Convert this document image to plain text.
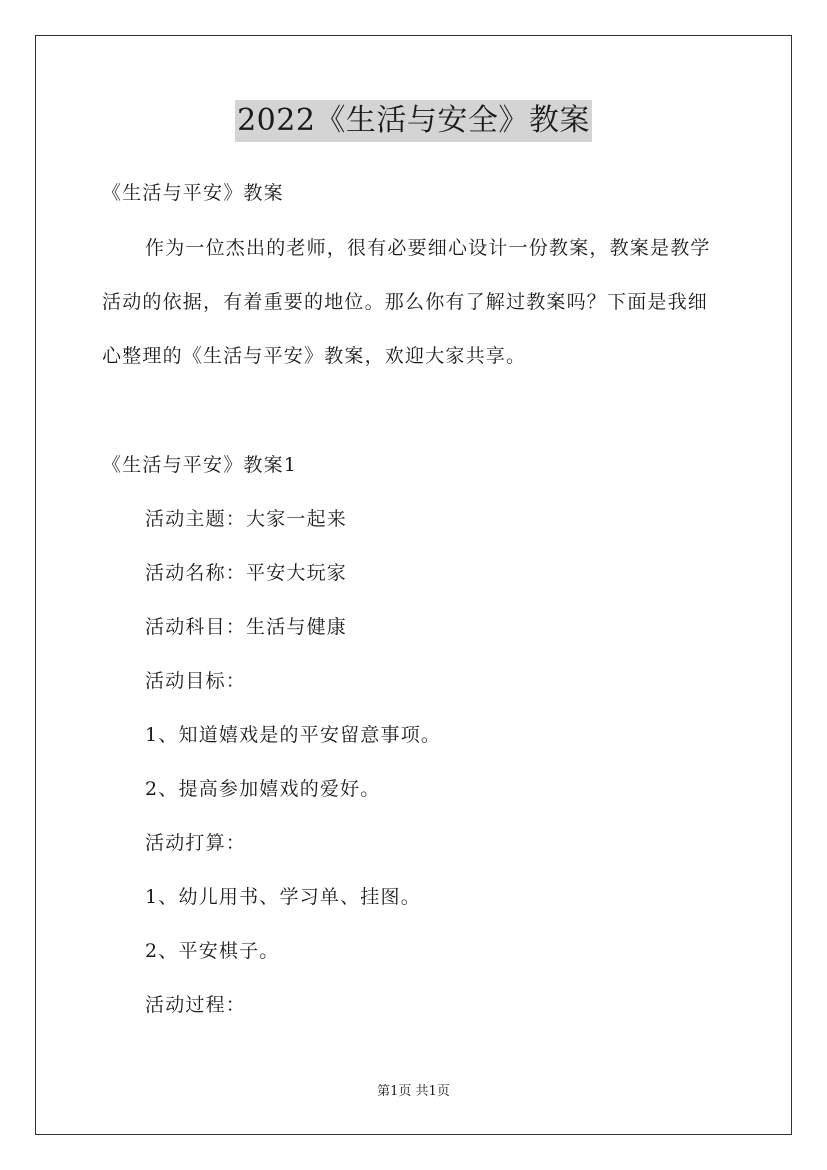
2022《生活与安全》教案
《生活与平安》教案
作为一位杰出的老师，很有必要细心设计一份教案，教案是教学
活动的依据，有着重要的地位。那么你有了解过教案吗？下面是我细
心整理的《生活与平安》教案，欢迎大家共享。
《生活与平安》教案1
活动主题：大家一起来
活动名称：平安大玩家
活动科目：生活与健康
活动目标：
1、知道嬉戏是的平安留意事项。
2、提高参加嬉戏的爱好。
活动打算：
1、幼儿用书、学习单、挂图。
2、平安棋子。
活动过程：
第1页 共1页
